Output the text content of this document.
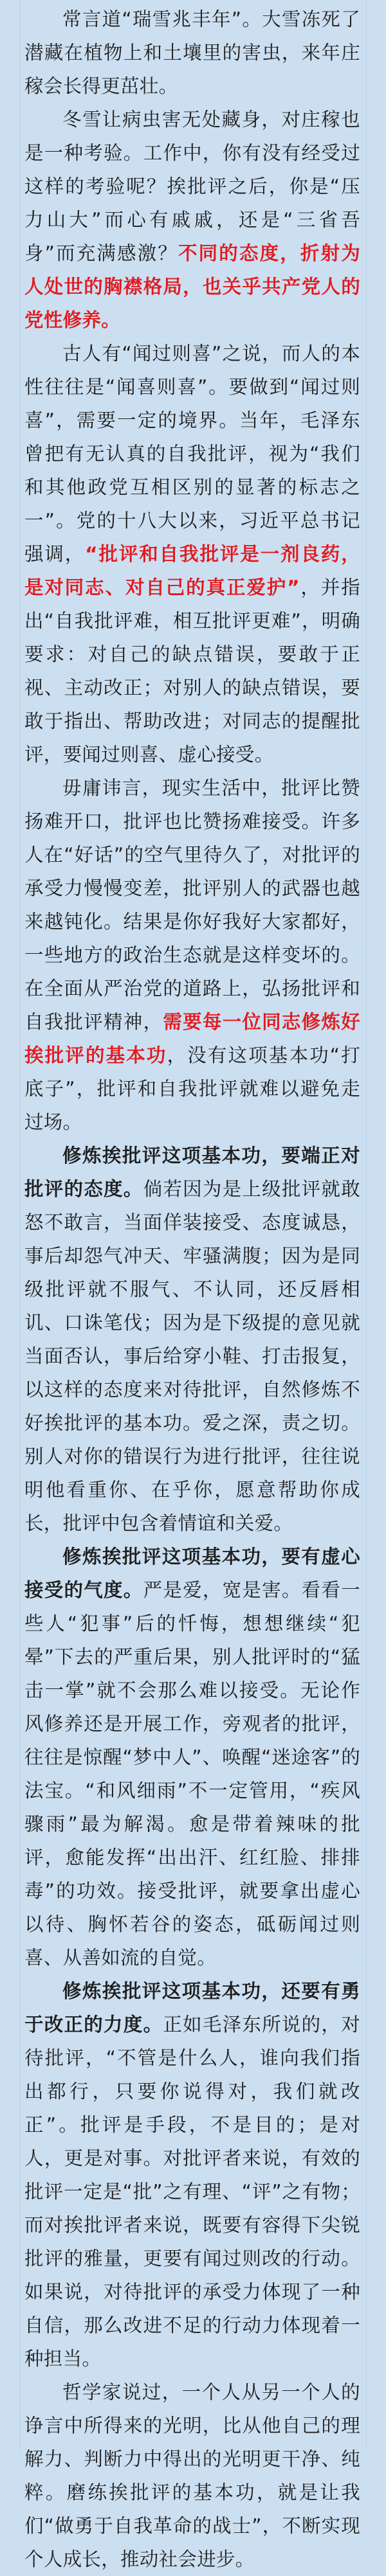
常言道“瑞雪兆丰年”。大雪冻死了潜藏在植物上和土壤里的害虫，来年庄稼会长得更茁壮。

冬雪让病虫害无处藏身，对庄稼也是一种考验。工作中，你有没有经受过这样的考验呢？挨批评之后，你是“压力山大”而心有戚戚，还是“三省吾身”而充满感激？不同的态度，折射为人处世的胸襟格局，也关乎共产党人的党性修养。

古人有“闻过则喜”之说，而人的本性往往是“闻喜则喜”。要做到“闻过则喜”，需要一定的境界。当年，毛泽东曾把有无认真的自我批评，视为“我们和其他政党互相区别的显著的标志之一”。党的十八大以来，习近平总书记强调，“批评和自我批评是一剂良药，是对同志、对自己的真正爱护”，并指出“自我批评难，相互批评更难”，明确要求：对自己的缺点错误，要敢于正视、主动改正；对别人的缺点错误，要敢于指出、帮助改进；对同志的提醒批评，要闻过则喜、虚心接受。

毋庸讳言，现实生活中，批评比赞扬难开口，批评也比赞扬难接受。许多人在“好话”的空气里待久了，对批评的承受力慢慢变差，批评别人的武器也越来越钝化。结果是你好我好大家都好，一些地方的政治生态就是这样变坏的。在全面从严治党的道路上，弘扬批评和自我批评精神，需要每一位同志修炼好挨批评的基本功，没有这项基本功“打底子”，批评和自我批评就难以避免走过场。

修炼挨批评这项基本功，要端正对批评的态度。倘若因为是上级批评就敢怒不敢言，当面佯装接受、态度诚恳，事后却怨气冲天、牢骚满腹；因为是同级批评就不服气、不认同，还反唇相讥、口诛笔伐；因为是下级提的意见就当面否认，事后给穿小鞋、打击报复，以这样的态度来对待批评，自然修炼不好挨批评的基本功。爱之深，责之切。别人对你的错误行为进行批评，往往说明他看重你、在乎你，愿意帮助你成长，批评中包含着情谊和关爱。

修炼挨批评这项基本功，要有虚心接受的气度。严是爱，宽是害。看看一些人“犯事”后的忏悔，想想继续“犯晕”下去的严重后果，别人批评时的“猛击一掌”就不会那么难以接受。无论作风修养还是开展工作，旁观者的批评，往往是惊醒“梦中人”、唤醒“迷途客”的法宝。“和风细雨”不一定管用，“疾风骤雨”最为解渴。愈是带着辣味的批评，愈能发挥“出出汗、红红脸、排排毒”的功效。接受批评，就要拿出虚心以待、胸怀若谷的姿态，砥砺闻过则喜、从善如流的自觉。

修炼挨批评这项基本功，还要有勇于改正的力度。正如毛泽东所说的，对待批评，“不管是什么人，谁向我们指出都行，只要你说得对，我们就改正”。批评是手段，不是目的；是对人，更是对事。对批评者来说，有效的批评一定是“批”之有理、“评”之有物；而对挨批评者来说，既要有容得下尖锐批评的雅量，更要有闻过则改的行动。如果说，对待批评的承受力体现了一种自信，那么改进不足的行动力体现着一种担当。

哲学家说过，一个人从另一个人的诤言中所得来的光明，比从他自己的理解力、判断力中得出的光明更干净、纯粹。磨练挨批评的基本功，就是让我们“做勇于自我革命的战士”，不断实现个人成长，推动社会进步。
